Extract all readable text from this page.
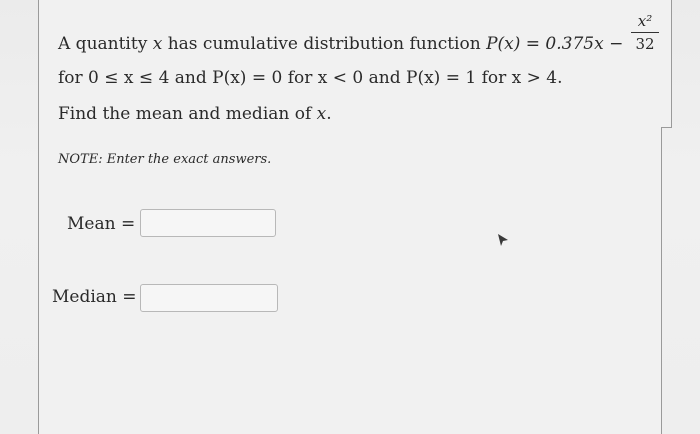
A quantity x has cumulative distribution function P(x) = 0.375x −
x²
32
for 0 ≤ x ≤ 4 and P(x) = 0 for x < 0 and P(x) = 1 for x > 4.
Find the mean and median of x.
NOTE: Enter the exact answers.
Mean =
Median =
